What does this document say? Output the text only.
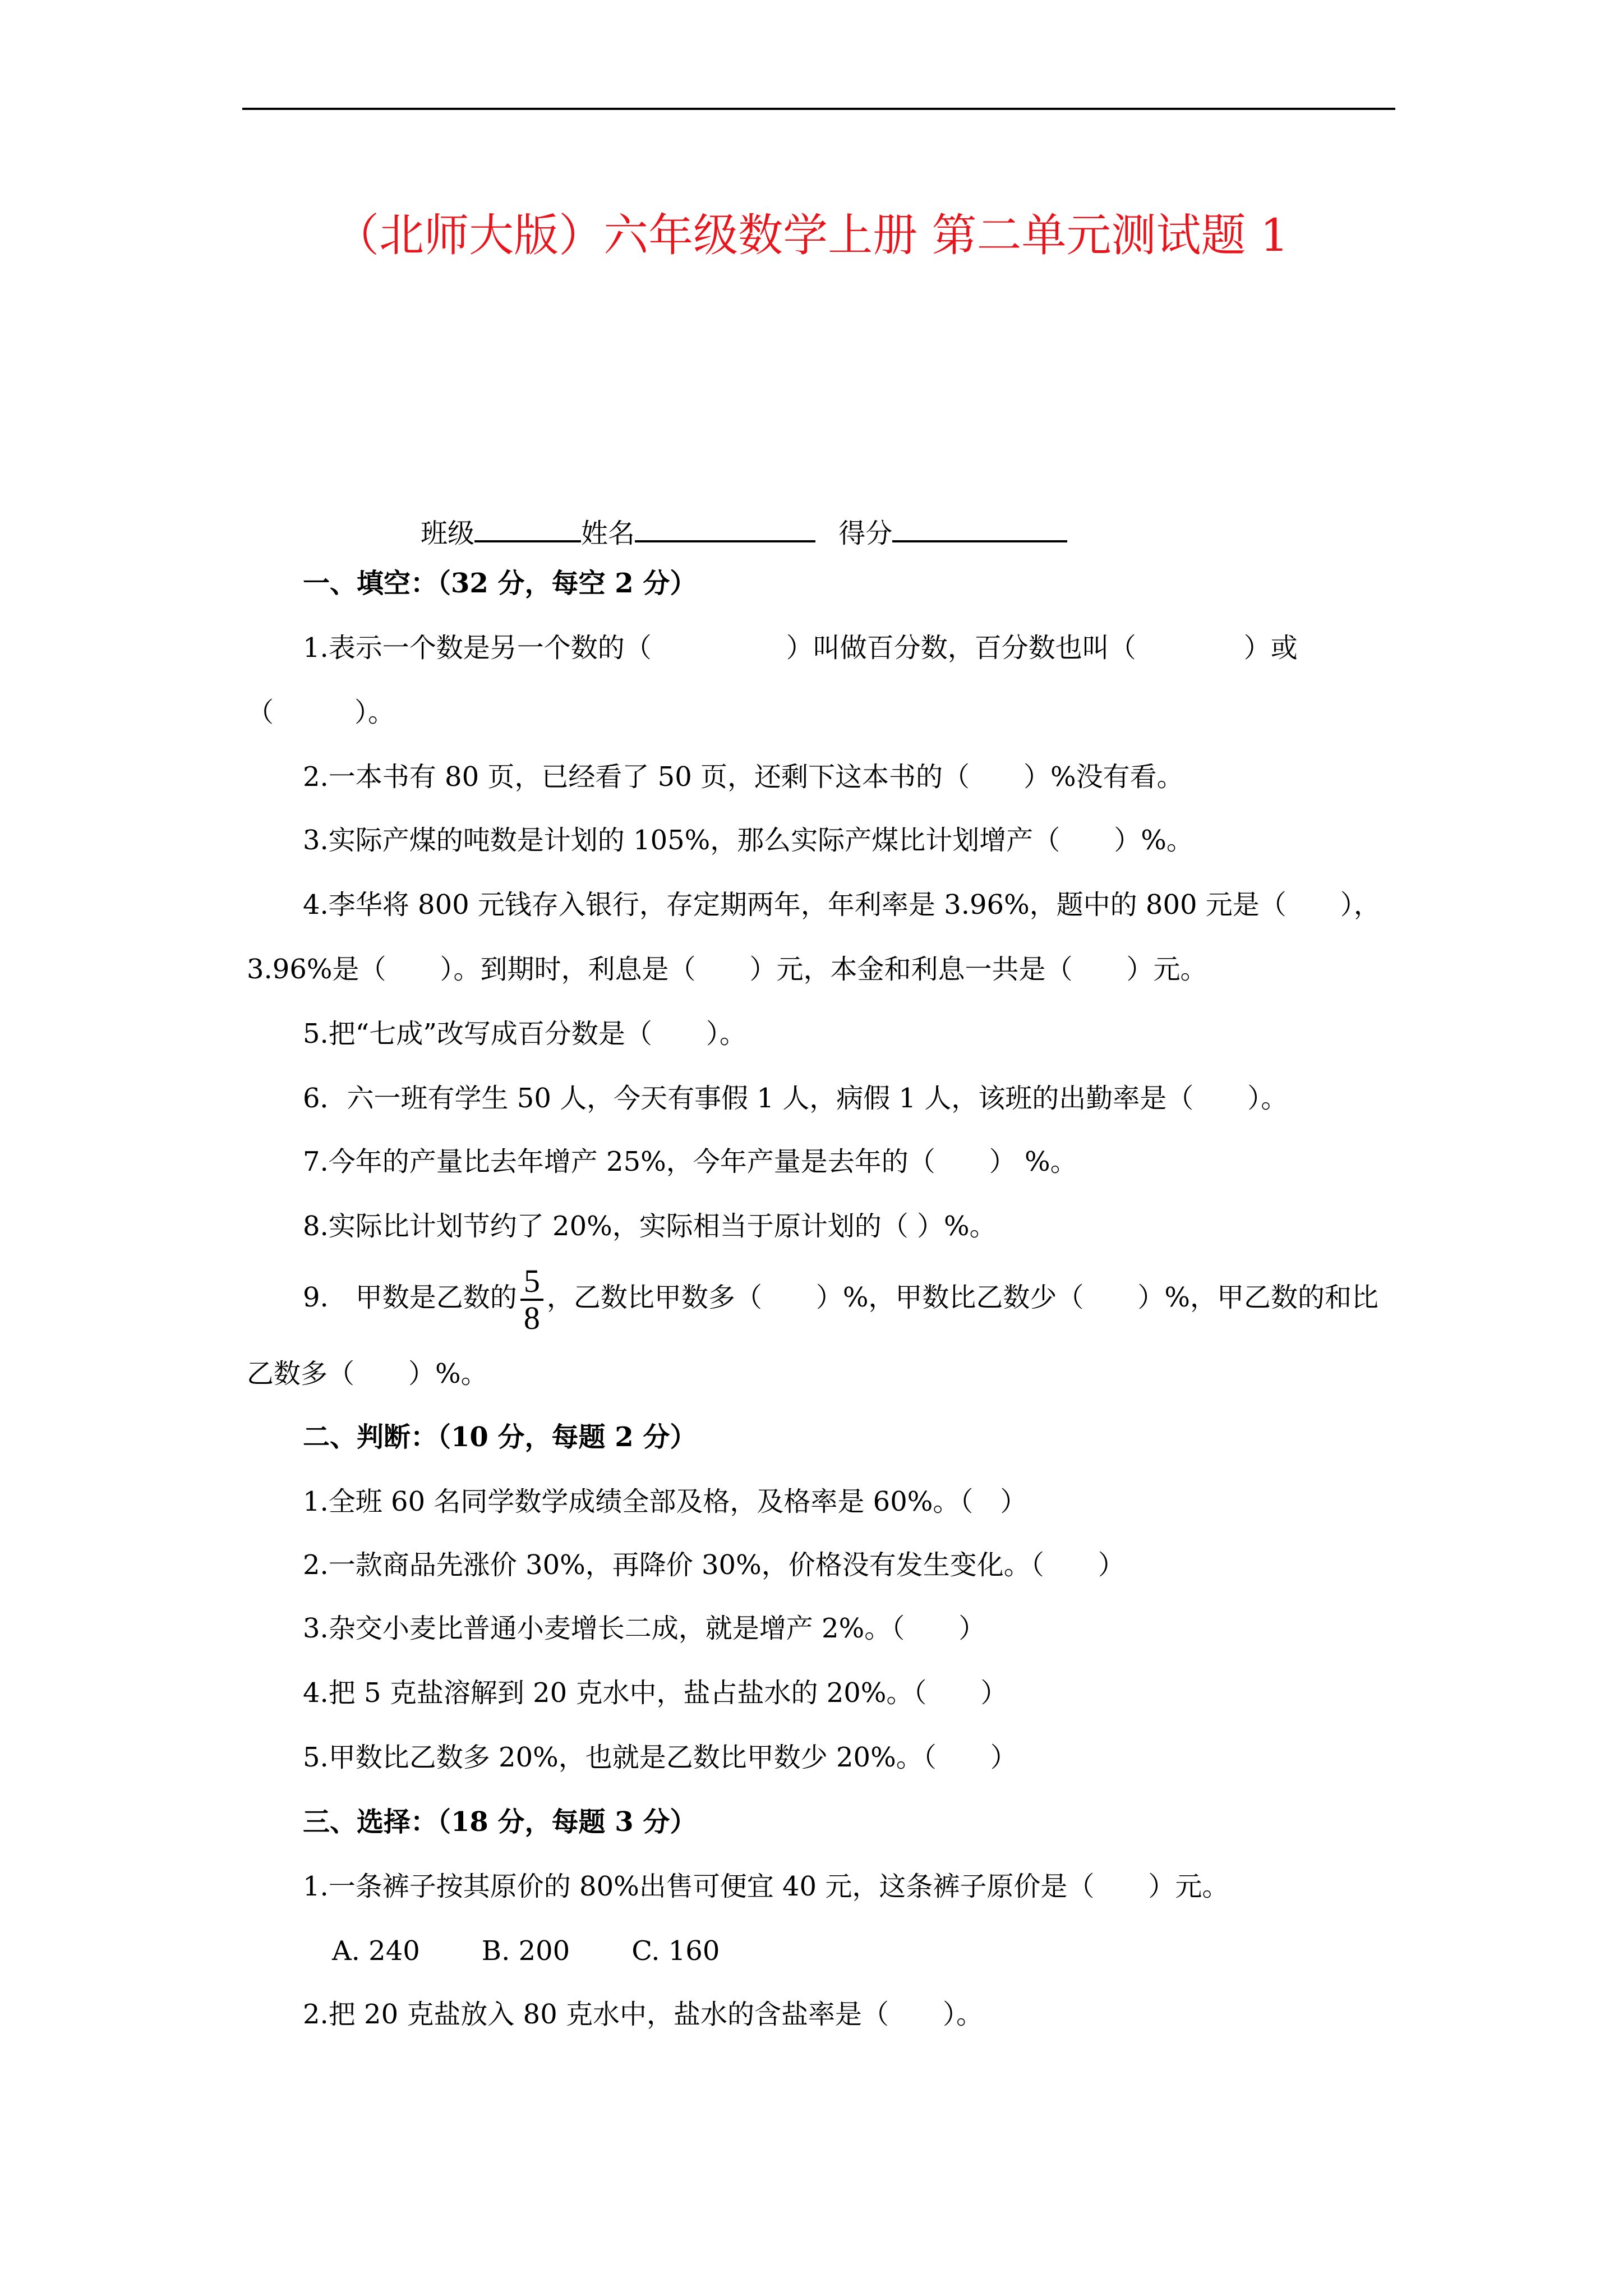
（北师大版）六年级数学上册 第二单元测试题 1
班级	姓名	得分
一、填空：（32 分，每空 2 分）
1.表示一个数是另一个数的（　　　　　）叫做百分数，百分数也叫（　　　　）或
（　　　）。
2.一本书有 80 页，已经看了 50 页，还剩下这本书的（　　）%没有看。
3.实际产煤的吨数是计划的 105%，那么实际产煤比计划增产（　　）%。
4.李华将 800 元钱存入银行，存定期两年，年利率是 3.96%，题中的 800 元是（　　），
3.96%是（　　）。到期时，利息是（　　）元，本金和利息一共是（　　）元。
5.把“七成”改写成百分数是（　　）。
6．六一班有学生 50 人，今天有事假 1 人，病假 1 人，该班的出勤率是（　　）。
7.今年的产量比去年增产 25%，今年产量是去年的（　　） %。
8.实际比计划节约了 20%，实际相当于原计划的（ ）%。
9.　甲数是乙数的 $\frac{5}{8}$ ，乙数比甲数多（　　）%，甲数比乙数少（　　）%，甲乙数的和比
乙数多（　　）%。
二、判断：（10 分，每题 2 分）
1.全班 60 名同学数学成绩全部及格，及格率是 60%。（　）
2.一款商品先涨价 30%，再降价 30%，价格没有发生变化。（　　）
3.杂交小麦比普通小麦增长二成，就是增产 2%。（　　）
4.把 5 克盐溶解到 20 克水中，盐占盐水的 20%。（　　）
5.甲数比乙数多 20%，也就是乙数比甲数少 20%。（　　）
三、选择：（18 分，每题 3 分）
1.一条裤子按其原价的 80%出售可便宜 40 元，这条裤子原价是（　　）元。
A. 240 B. 200 C. 160
2.把 20 克盐放入 80 克水中，盐水的含盐率是（　　）。
